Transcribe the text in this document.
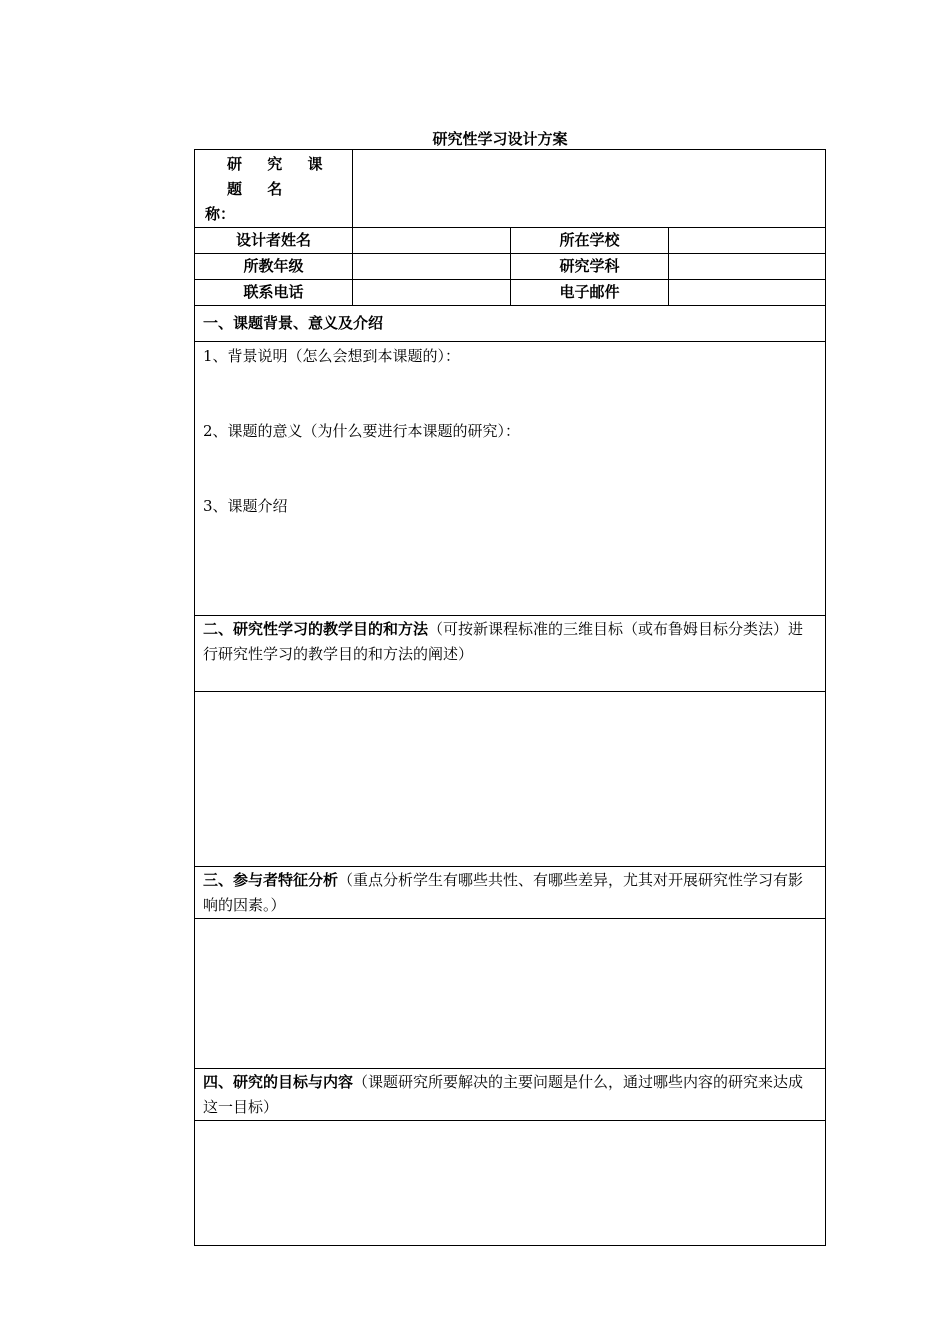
研究性学习设计方案
研 究 课 题 名
称：			

设计者姓名		所在学校	
所教年级		研究学科	
联系电话		电子邮件	
一、课题背景、意义及介绍			

1、背景说明（怎么会想到本课题的）：

2、课题的意义（为什么要进行本课题的研究）：

3、课题介绍			

二、研究性学习的教学目的和方法（可按新课程标准的三维目标（或布鲁姆目标分类法）进行研究性学习的教学目的和方法的阐述）			

三、参与者特征分析（重点分析学生有哪些共性、有哪些差异，尤其对开展研究性学习有影响的因素。）			

四、研究的目标与内容（课题研究所要解决的主要问题是什么，通过哪些内容的研究来达成这一目标）			
